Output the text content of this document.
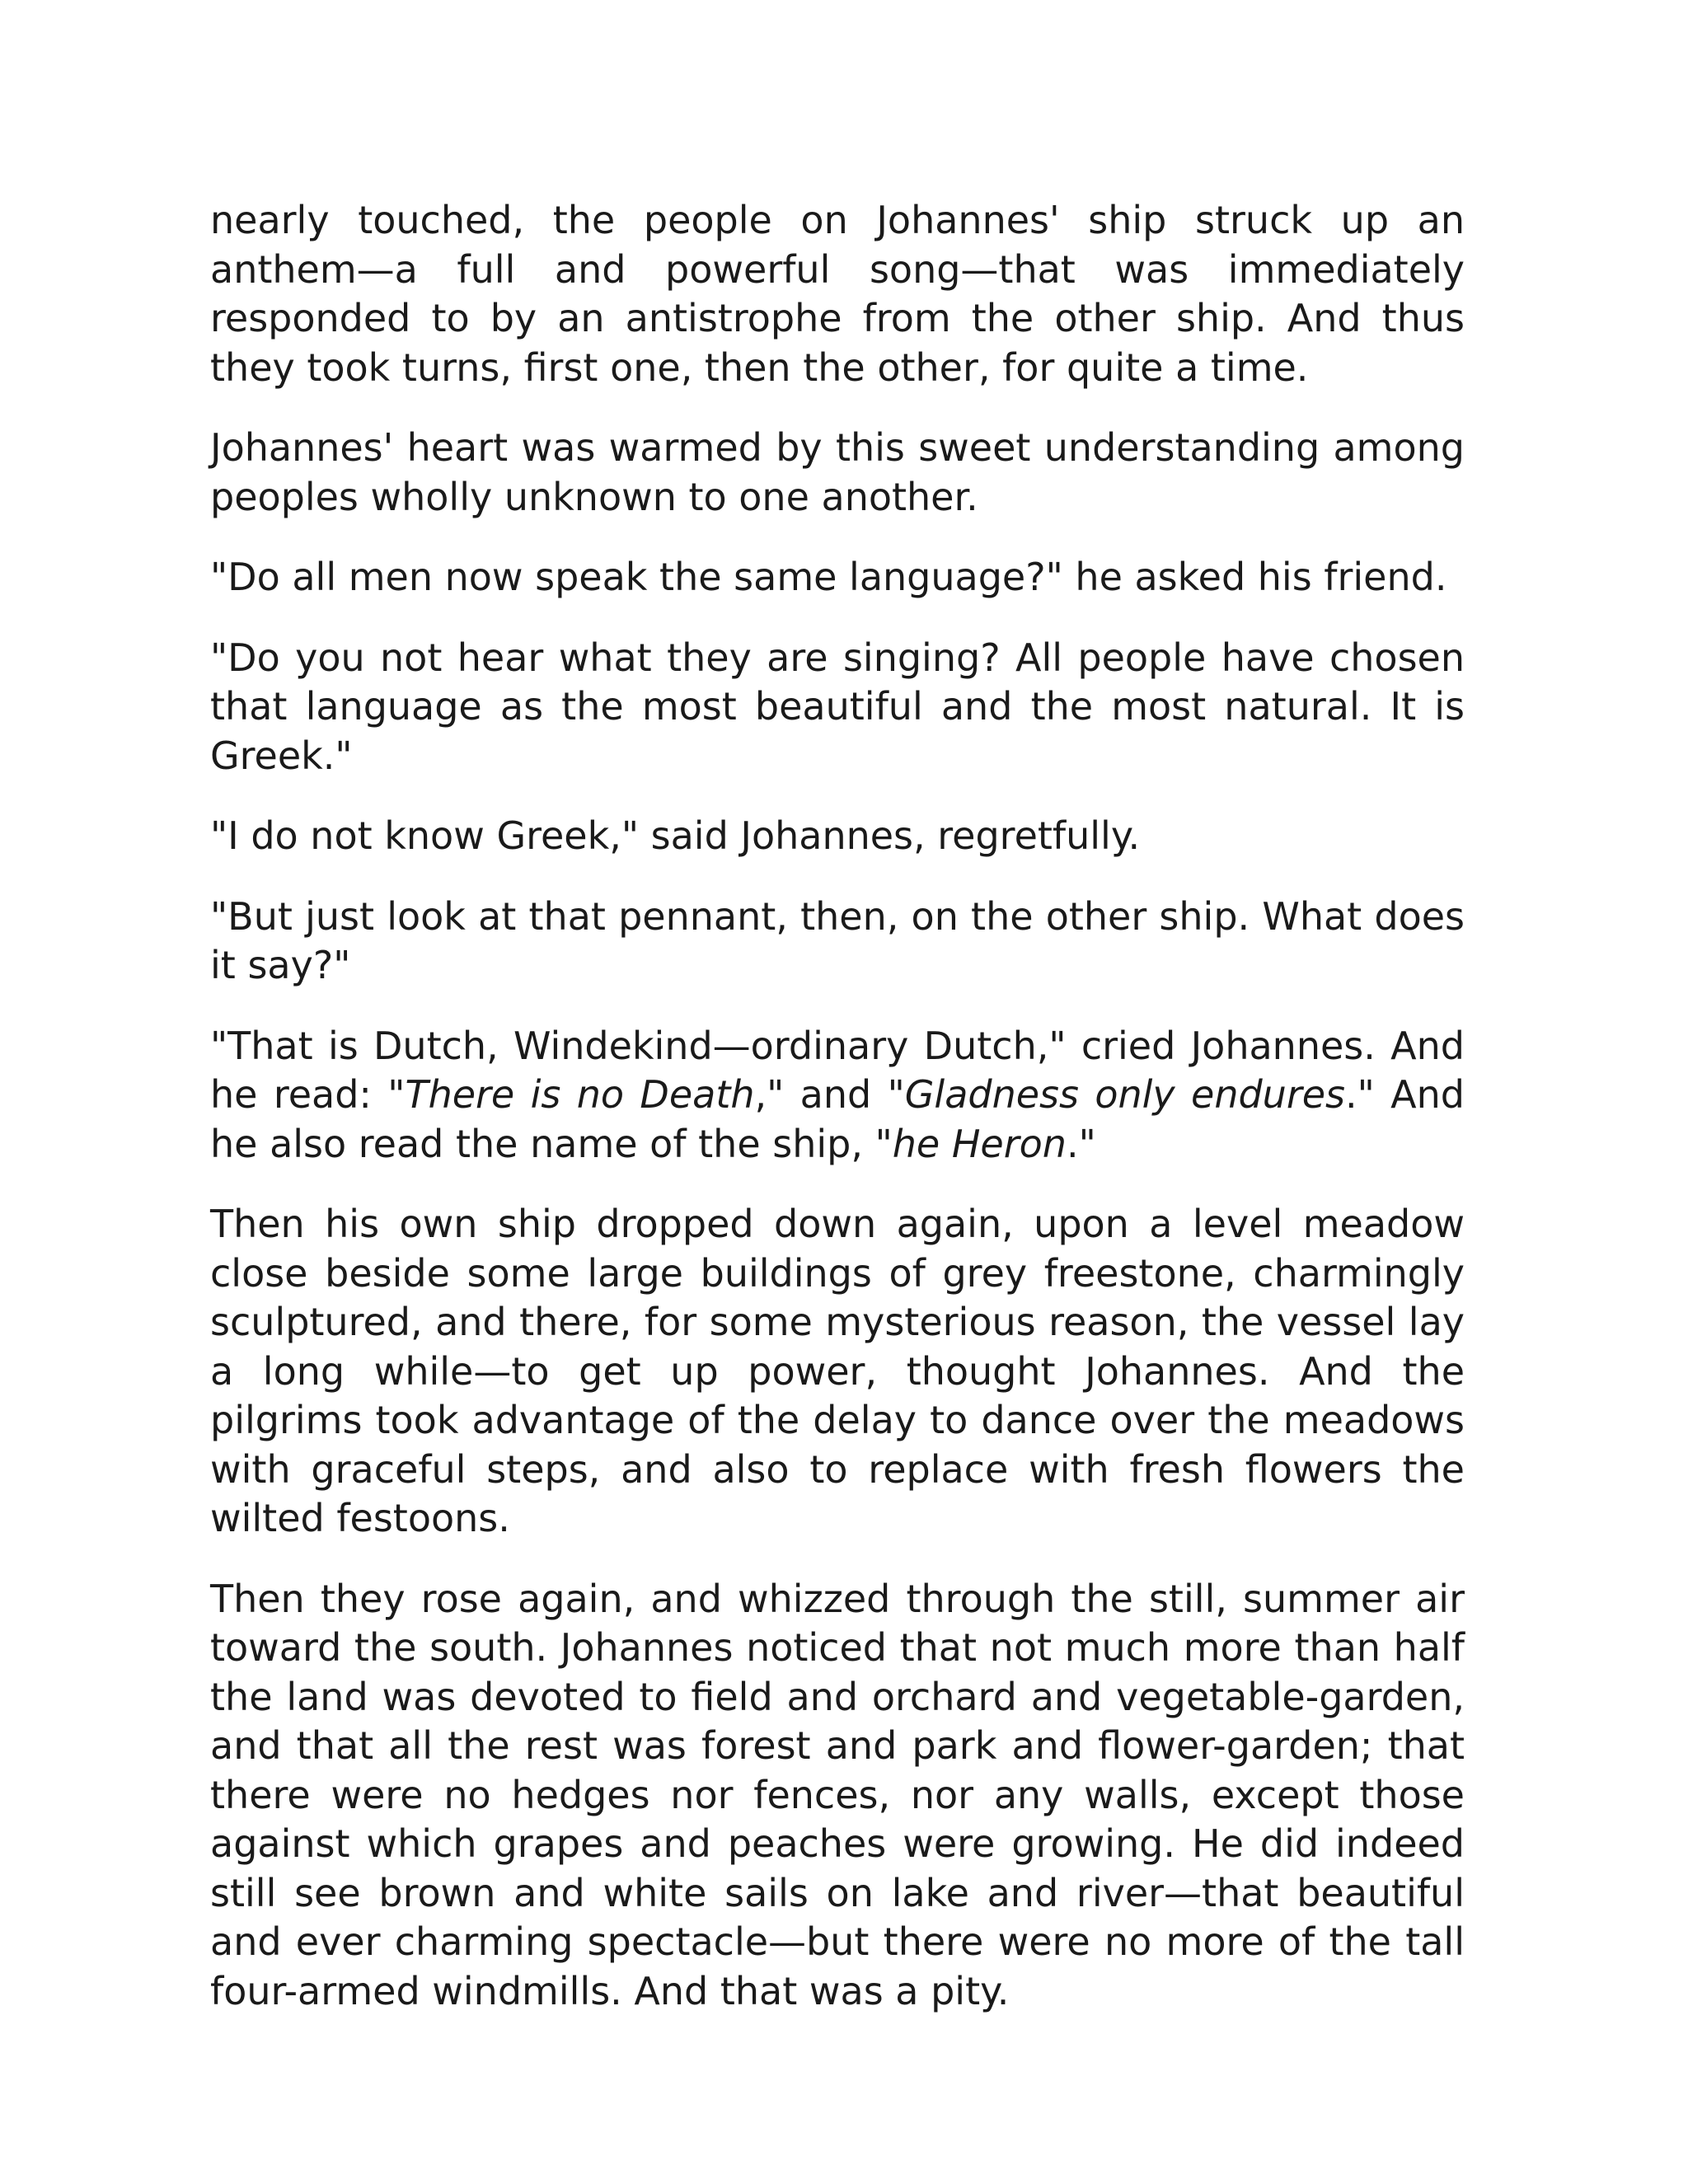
nearly touched, the people on Johannes' ship struck up an anthem—a full and powerful song—that was immediately responded to by an antistrophe from the other ship. And thus they took turns, first one, then the other, for quite a time.

Johannes' heart was warmed by this sweet understanding among peoples wholly unknown to one another.

"Do all men now speak the same language?" he asked his friend.

"Do you not hear what they are singing? All people have chosen that language as the most beautiful and the most natural. It is Greek."

"I do not know Greek," said Johannes, regretfully.

"But just look at that pennant, then, on the other ship. What does it say?"

"That is Dutch, Windekind—ordinary Dutch," cried Johannes. And he read: "There is no Death," and "Gladness only endures." And he also read the name of the ship, "he Heron."

Then his own ship dropped down again, upon a level meadow close beside some large buildings of grey freestone, charmingly sculptured, and there, for some mysterious reason, the vessel lay a long while—to get up power, thought Johannes. And the pilgrims took advantage of the delay to dance over the meadows with graceful steps, and also to replace with fresh flowers the wilted festoons.

Then they rose again, and whizzed through the still, summer air toward the south. Johannes noticed that not much more than half the land was devoted to field and orchard and vegetable-garden, and that all the rest was forest and park and flower-garden; that there were no hedges nor fences, nor any walls, except those against which grapes and peaches were growing. He did indeed still see brown and white sails on lake and river—that beautiful and ever charming spectacle—but there were no more of the tall four-armed windmills. And that was a pity.
